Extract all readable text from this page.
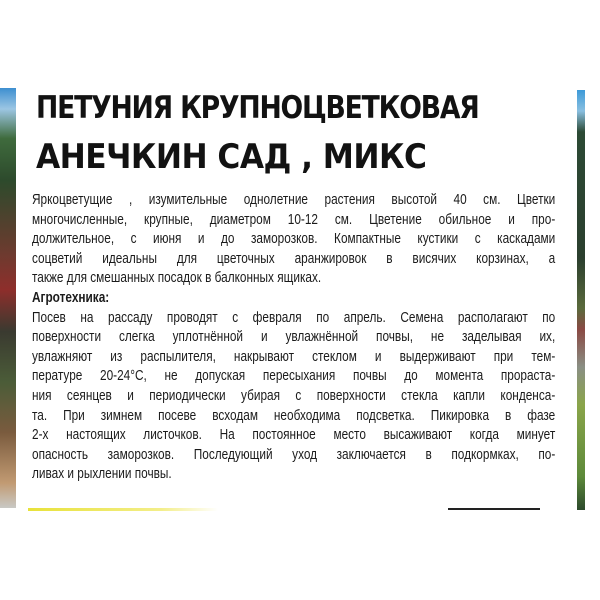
ПЕТУНИЯ КРУПНОЦВЕТКОВАЯ
АНЕЧКИН САД , МИКС
Яркоцветущие , изумительные однолетние растения высотой 40 см. Цветки
многочисленные, крупные, диаметром 10-12 см. Цветение обильное и про-
должительное, с июня и до заморозков. Компактные кустики с каскадами
соцветий идеальны для цветочных аранжировок в висячих корзинах, а
также для смешанных посадок в балконных ящиках.
Агротехника:
Посев на рассаду проводят с февраля по апрель. Семена располагают по
поверхности слегка уплотнённой и увлажнённой почвы, не заделывая их,
увлажняют из распылителя, накрывают стеклом и выдерживают при тем-
пературе 20-24°С, не допуская пересыхания почвы до момента прораста-
ния сеянцев и периодически убирая с поверхности стекла капли конденса-
та. При зимнем посеве всходам необходима подсветка. Пикировка в фазе
2-х настоящих листочков. На постоянное место высаживают когда минует
опасность заморозков. Последующий уход заключается в подкормках, по-
ливах и рыхлении почвы.
